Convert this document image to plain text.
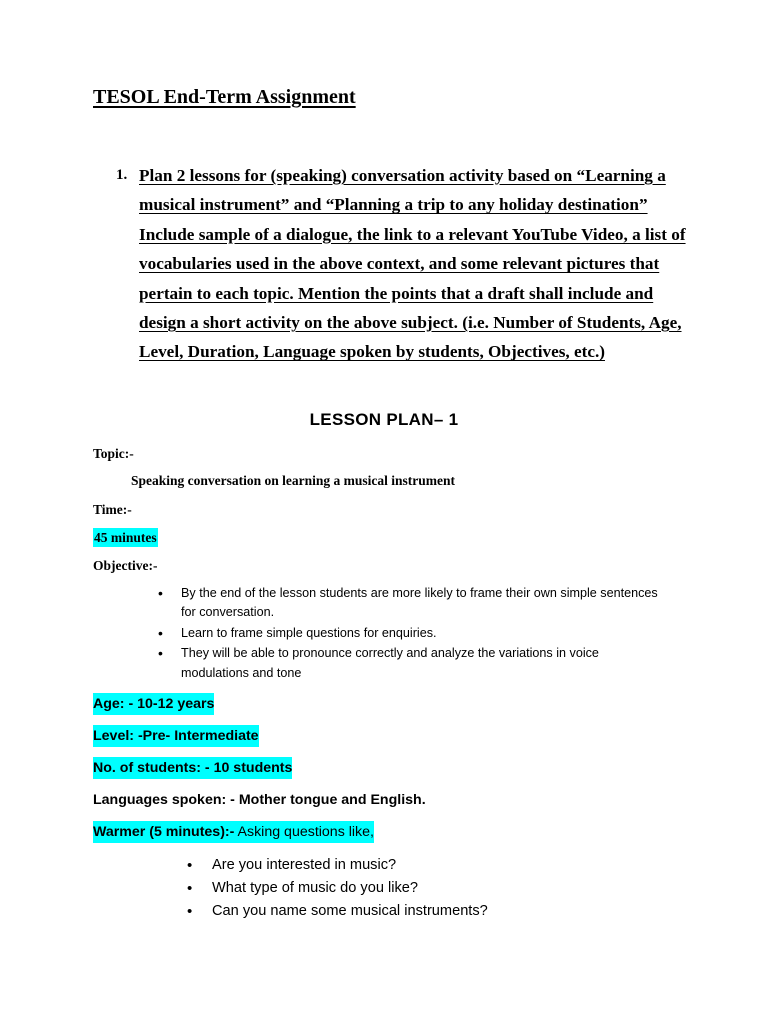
TESOL End-Term Assignment
1. Plan 2 lessons for (speaking) conversation activity based on “Learning a musical instrument” and “Planning a trip to any holiday destination” Include sample of a dialogue, the link to a relevant YouTube Video, a list of vocabularies used in the above context, and some relevant pictures that pertain to each topic. Mention the points that a draft shall include and design a short activity on the above subject. (i.e. Number of Students, Age, Level, Duration, Language spoken by students, Objectives, etc.)
LESSON PLAN– 1
Topic:-
Speaking conversation on learning a musical instrument
Time:-
45 minutes
Objective:-
• By the end of the lesson students are more likely to frame their own simple sentences for conversation.
• Learn to frame simple questions for enquiries.
• They will be able to pronounce correctly and analyze the variations in voice modulations and tone
Age: - 10-12 years
Level: -Pre- Intermediate
No. of students: - 10 students
Languages spoken: - Mother tongue and English.
Warmer (5 minutes):- Asking questions like,
• Are you interested in music?
• What type of music do you like?
• Can you name some musical instruments?
